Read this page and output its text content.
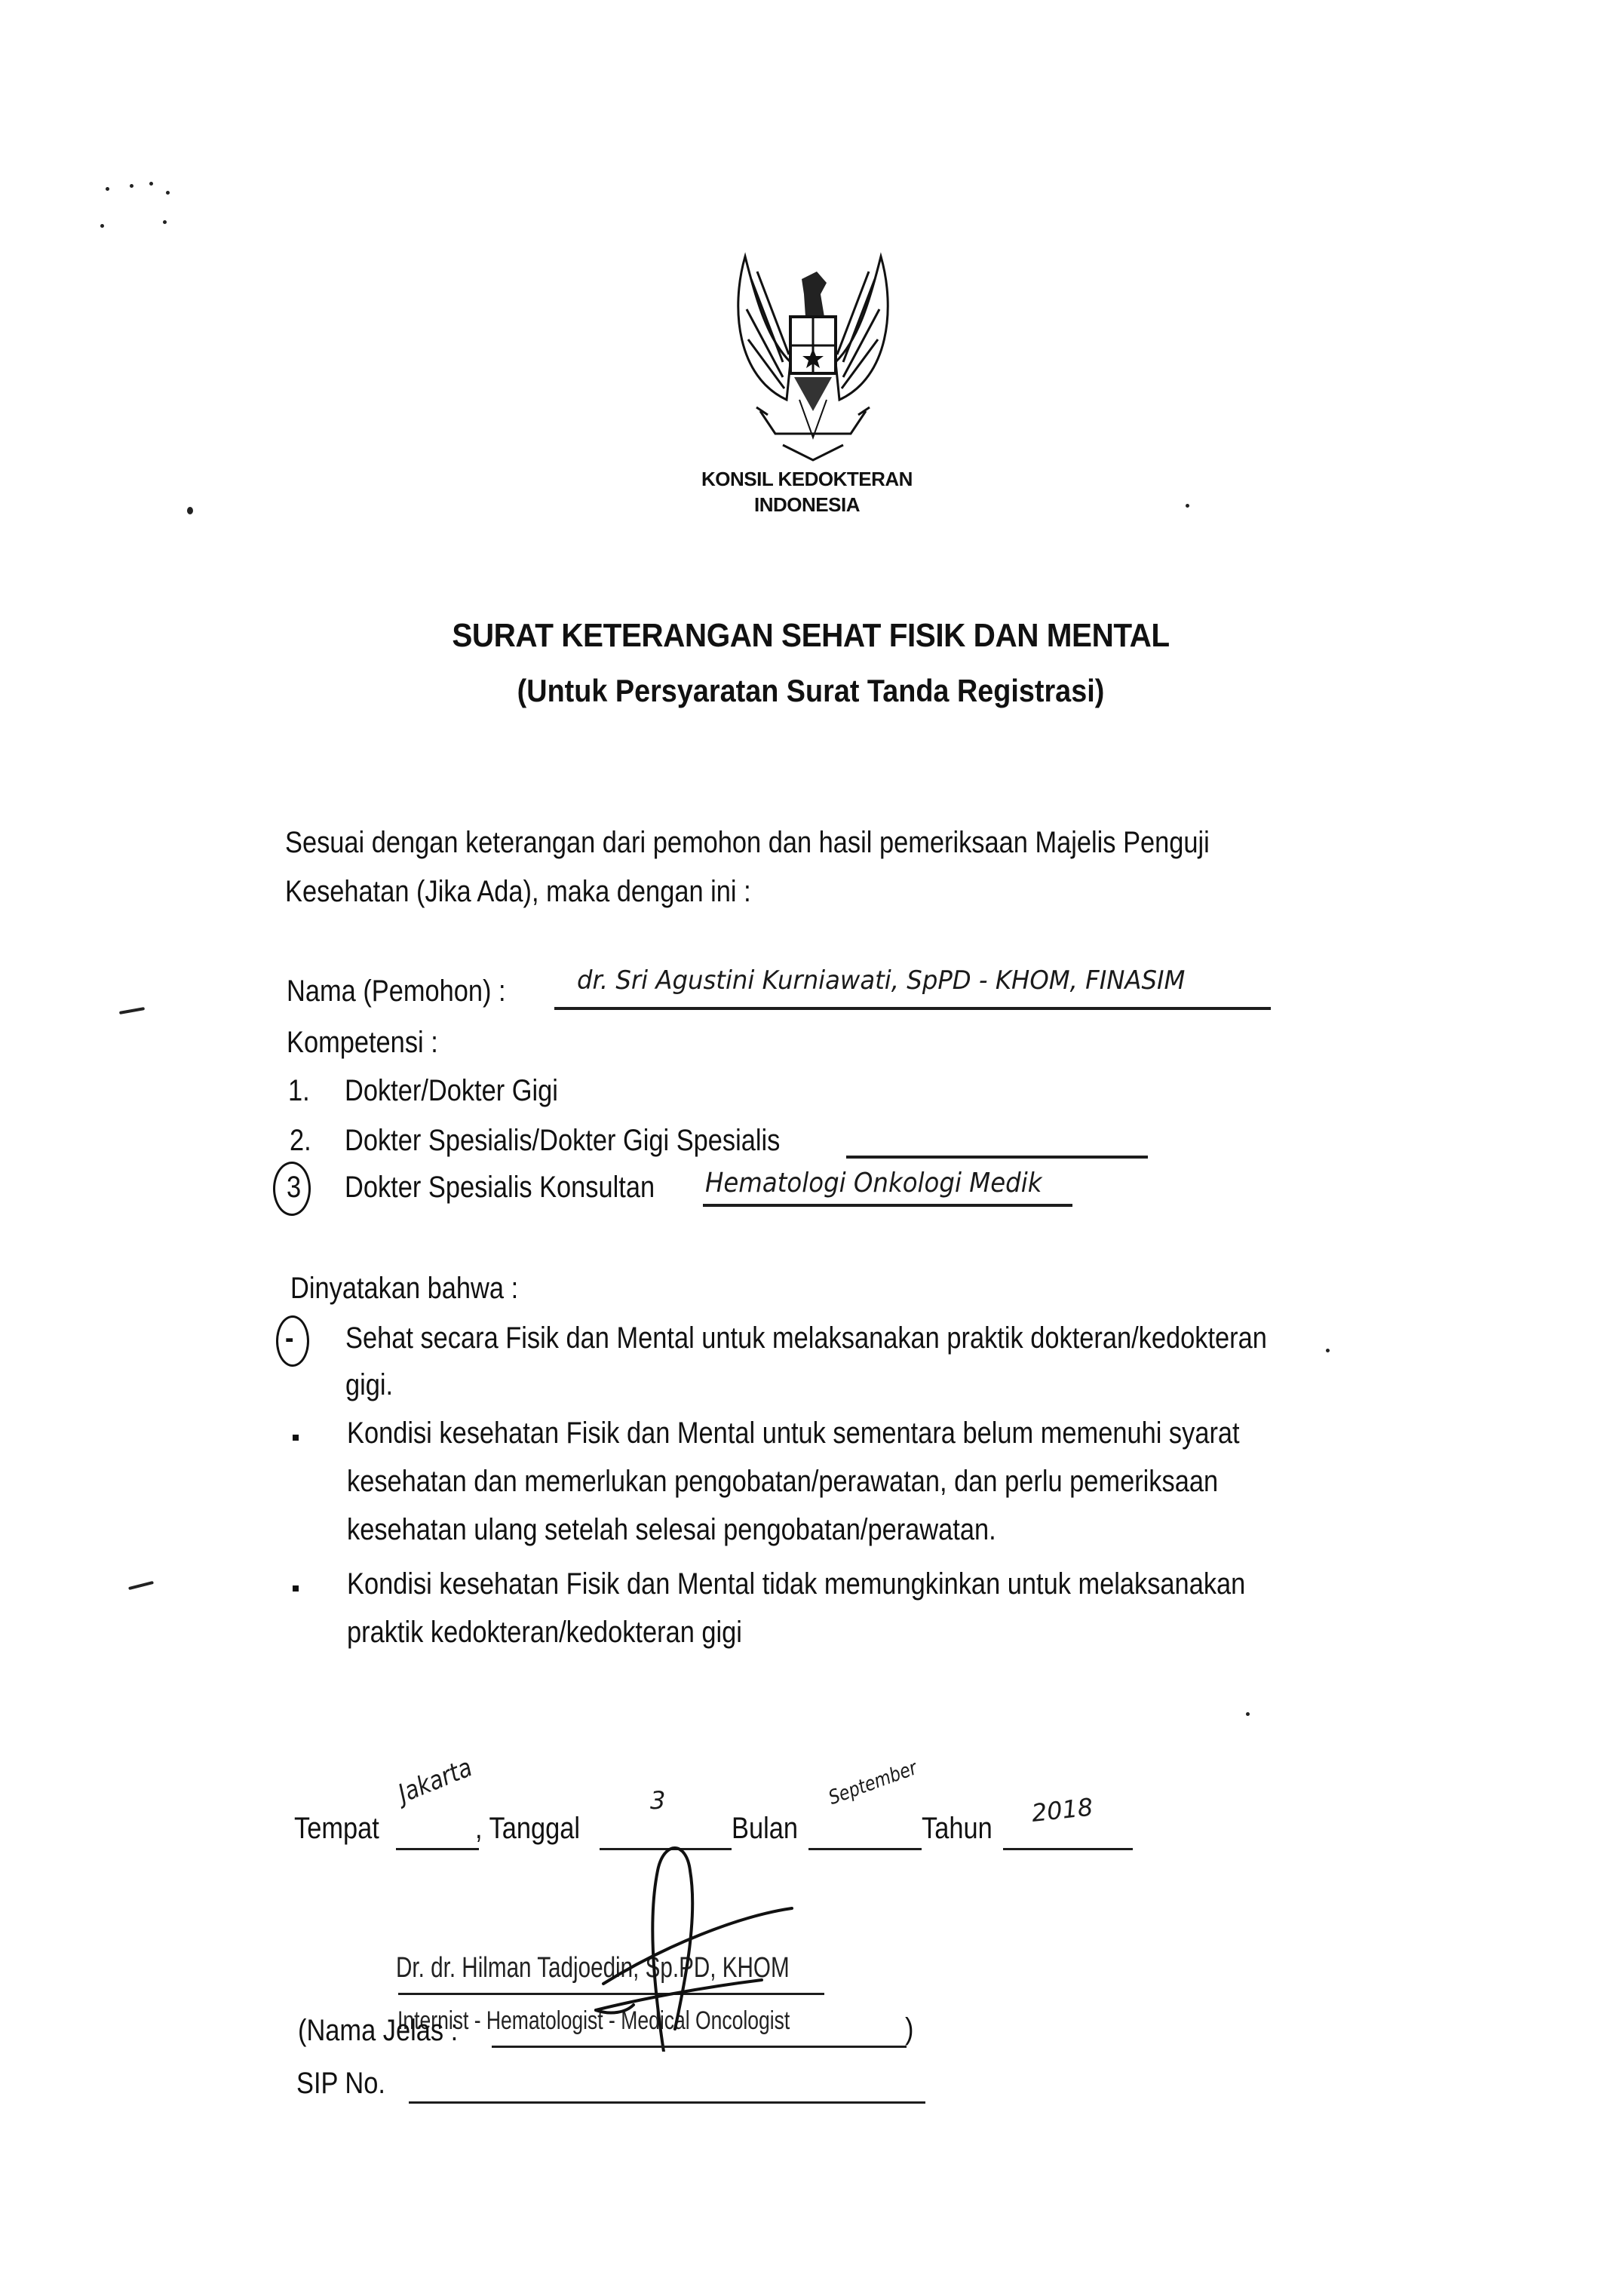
KONSIL KEDOKTERAN
INDONESIA
SURAT KETERANGAN SEHAT FISIK DAN MENTAL
(Untuk Persyaratan Surat Tanda Registrasi)
Sesuai dengan keterangan dari pemohon dan hasil pemeriksaan Majelis Penguji
Kesehatan (Jika Ada), maka dengan ini :
Nama (Pemohon) :	dr. Sri Agustini Kurniawati, SpPD - KHOM, FINASIM
Kompetensi :
1. Dokter/Dokter Gigi
2. Dokter Spesialis/Dokter Gigi Spesialis
3 Dokter Spesialis Konsultan Hematologi Onkologi Medik
Dinyatakan bahwa :
- Sehat secara Fisik dan Mental untuk melaksanakan praktik dokteran/kedokteran
gigi.
Kondisi kesehatan Fisik dan Mental untuk sementara belum memenuhi syarat
kesehatan dan memerlukan pengobatan/perawatan, dan perlu pemeriksaan
kesehatan ulang setelah selesai pengobatan/perawatan.
Kondisi kesehatan Fisik dan Mental tidak memungkinkan untuk melaksanakan
praktik kedokteran/kedokteran gigi
Tempat
Jakarta
, Tanggal
3
Bulan
September
Tahun
2018
Dr. dr. Hilman Tadjoedin, Sp.PD, KHOM
Internist - Hematologist - Medical Oncologist
(Nama Jelas :	)
SIP No.
